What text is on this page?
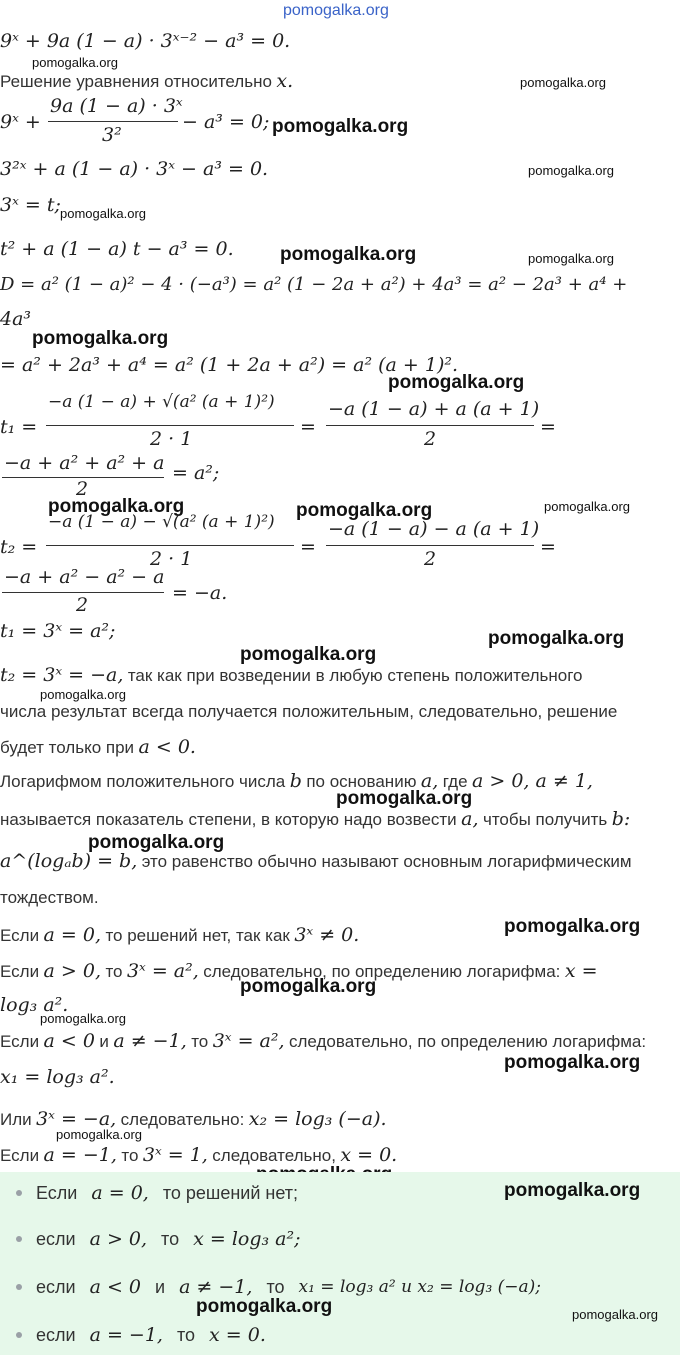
pomogalka.org
pomogalka.org
pomogalka.org
pomogalka.org
pomogalka.org
pomogalka.org
pomogalka.org	pomogalka.org
pomogalka.org
pomogalka.org
pomogalka.org	pomogalka.org	pomogalka.org
pomogalka.org
pomogalka.org
pomogalka.org
pomogalka.org
pomogalka.org
pomogalka.org
pomogalka.org
pomogalka.org
pomogalka.org
pomogalka.org
9ˣ + 9a (1 − a) · 3ˣ⁻² − a³ = 0.
Решение уравнения относительно x.
9ˣ +
9a (1 − a) · 3ˣ
3²
− a³ = 0;
3²ˣ + a (1 − a) · 3ˣ − a³ = 0.
3ˣ = t;
t² + a (1 − a) t − a³ = 0.
D = a² (1 − a)² − 4 · (−a³) = a² (1 − 2a + a²) + 4a³ = a² − 2a³ + a⁴ +
4a³
= a² + 2a³ + a⁴ = a² (1 + 2a + a²) = a² (a + 1)².
t₁ =
−a (1 − a) + √(a² (a + 1)²)
2 · 1
=
−a (1 − a) + a (a + 1)
2
=
−a + a² + a² + a
2
= a²;
t₂ =
−a (1 − a) − √(a² (a + 1)²)
2 · 1
=
−a (1 − a) − a (a + 1)
2
=
−a + a² − a² − a
2
= −a.
t₁ = 3ˣ = a²;
t₂ = 3ˣ = −a, так как при возведении в любую степень положительного
числа результат всегда получается положительным, следовательно, решение
будет только при a < 0.
Логарифмом положительного числа b по основанию a, где a > 0, a ≠ 1,
называется показатель степени, в которую надо возвести a, чтобы получить b:
a^(logₐb) = b, это равенство обычно называют основным логарифмическим
тождеством.
Если a = 0, то решений нет, так как 3ˣ ≠ 0.
Если a > 0, то 3ˣ = a², следовательно, по определению логарифма: x =
log₃ a².
Если a < 0 и a ≠ −1, то 3ˣ = a², следовательно, по определению логарифма:
x₁ = log₃ a².
Или 3ˣ = −a, следовательно: x₂ = log₃ (−a).
Если a = −1, то 3ˣ = 1, следовательно, x = 0.
Если a = 0, то решений нет;
если a > 0, то x = log₃ a²;
если a < 0 и a ≠ −1, то x₁ = log₃ a² и x₂ = log₃ (−a);
если a = −1, то x = 0.
pomogalka.org
pomogalka.org	pomogalka.org
